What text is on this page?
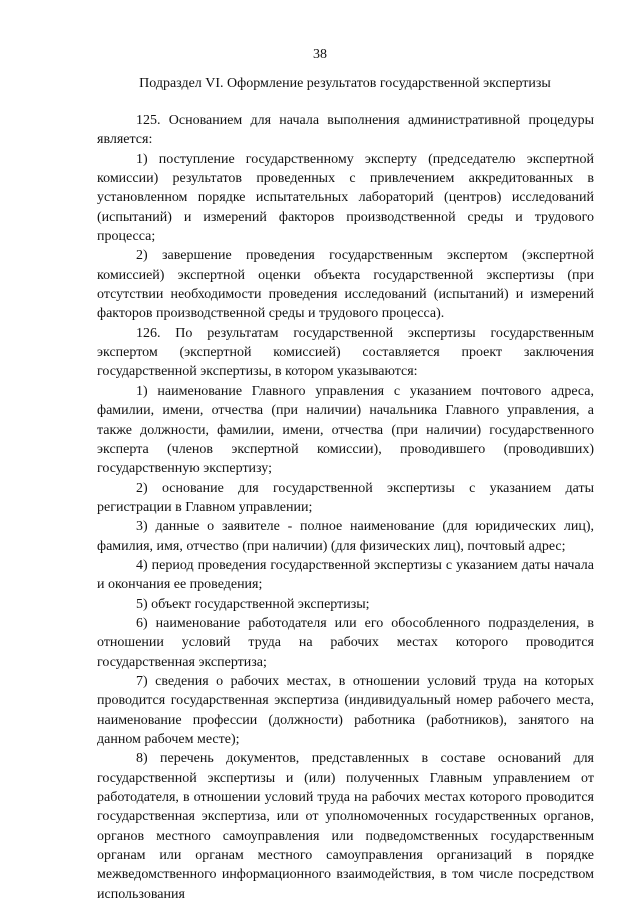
38
Подраздел VI. Оформление результатов государственной экспертизы

125. Основанием для начала выполнения административной процедуры является:

1) поступление государственному эксперту (председателю экспертной комиссии) результатов проведенных с привлечением аккредитованных в установленном порядке испытательных лабораторий (центров) исследований (испытаний) и измерений факторов производственной среды и трудового процесса;

2) завершение проведения государственным экспертом (экспертной комиссией) экспертной оценки объекта государственной экспертизы (при отсутствии необходимости проведения исследований (испытаний) и измерений факторов производственной среды и трудового процесса).

126. По результатам государственной экспертизы государственным экспертом (экспертной комиссией) составляется проект заключения государственной экспертизы, в котором указываются:

1) наименование Главного управления с указанием почтового адреса, фамилии, имени, отчества (при наличии) начальника Главного управления, а также должности, фамилии, имени, отчества (при наличии) государственного эксперта (членов экспертной комиссии), проводившего (проводивших) государственную экспертизу;

2) основание для государственной экспертизы с указанием даты регистрации в Главном управлении;

3) данные о заявителе - полное наименование (для юридических лиц), фамилия, имя, отчество (при наличии) (для физических лиц), почтовый адрес;

4) период проведения государственной экспертизы с указанием даты начала и окончания ее проведения;

5) объект государственной экспертизы;

6) наименование работодателя или его обособленного подразделения, в отношении условий труда на рабочих местах которого проводится государственная экспертиза;

7) сведения о рабочих местах, в отношении условий труда на которых проводится государственная экспертиза (индивидуальный номер рабочего места, наименование профессии (должности) работника (работников), занятого на данном рабочем месте);

8) перечень документов, представленных в составе оснований для государственной экспертизы и (или) полученных Главным управлением от работодателя, в отношении условий труда на рабочих местах которого проводится государственная экспертиза, или от уполномоченных государственных органов, органов местного самоуправления или подведомственных государственным органам или органам местного самоуправления организаций в порядке межведомственного информационного взаимодействия, в том числе посредством использования
